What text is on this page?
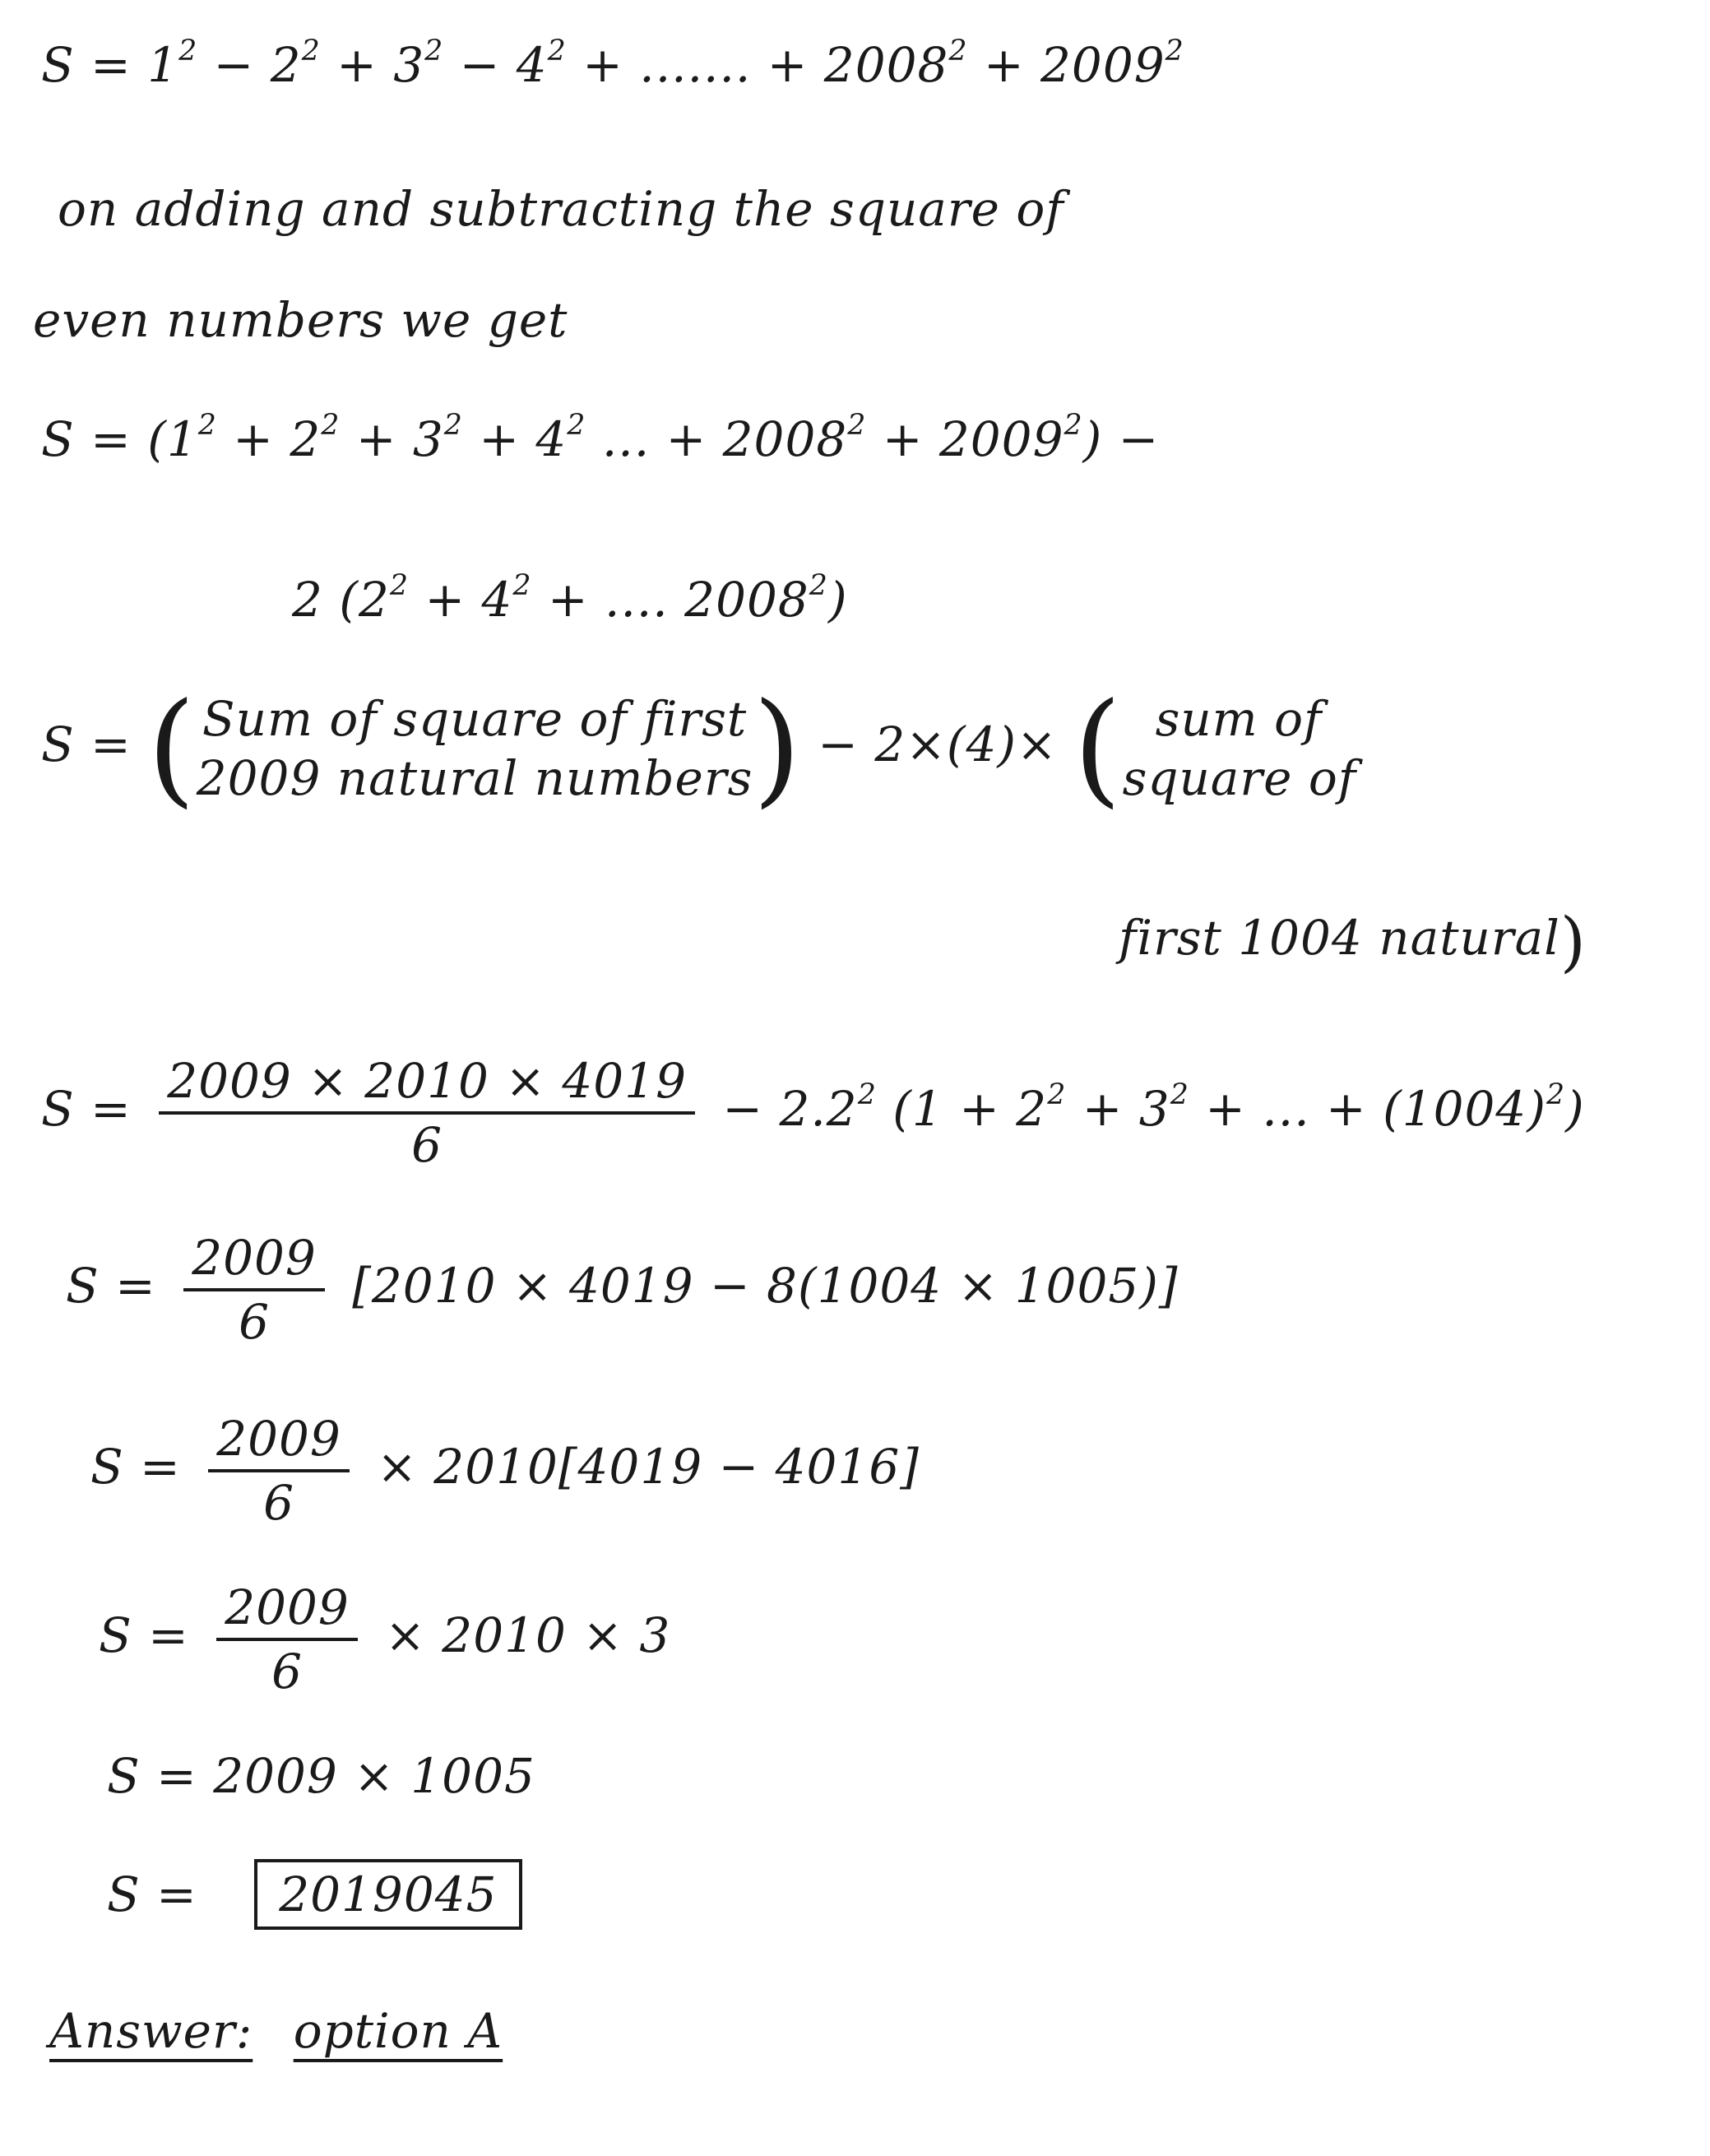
$S = 1^2 - 2^2 + 3^2 - 4^2$ + ....... + $2008^2 + 2009^2$
on adding and subtracting the square of
even numbers we get
$S = (1^2 + 2^2 + 3^2 + 4^2$ ... + $2008^2 + 2009^2$) −
2 ($2^2 + 4^2$ + .... 2008$^2$)
S = ( Sum of square of first
2009 natural numbers) − 2×(4)× ( sum of
square of
first 1004 natural)
$S = \frac{2009 \times 2010 \times 4019}{6} - 2.2^2$ ($1 + 2^2 + 3^2$ + ... + $(1004)^2$)
$S = \frac{2009}{6} [2010 \times 4019 - 8(1004 \times 1005)]$
$S = \frac{2009}{6} \times 2010[4019 - 4016]$
$S = \frac{2009}{6} \times 2010 \times 3$
S = 2009 × 1005
S = 2019045
Answer: option A
